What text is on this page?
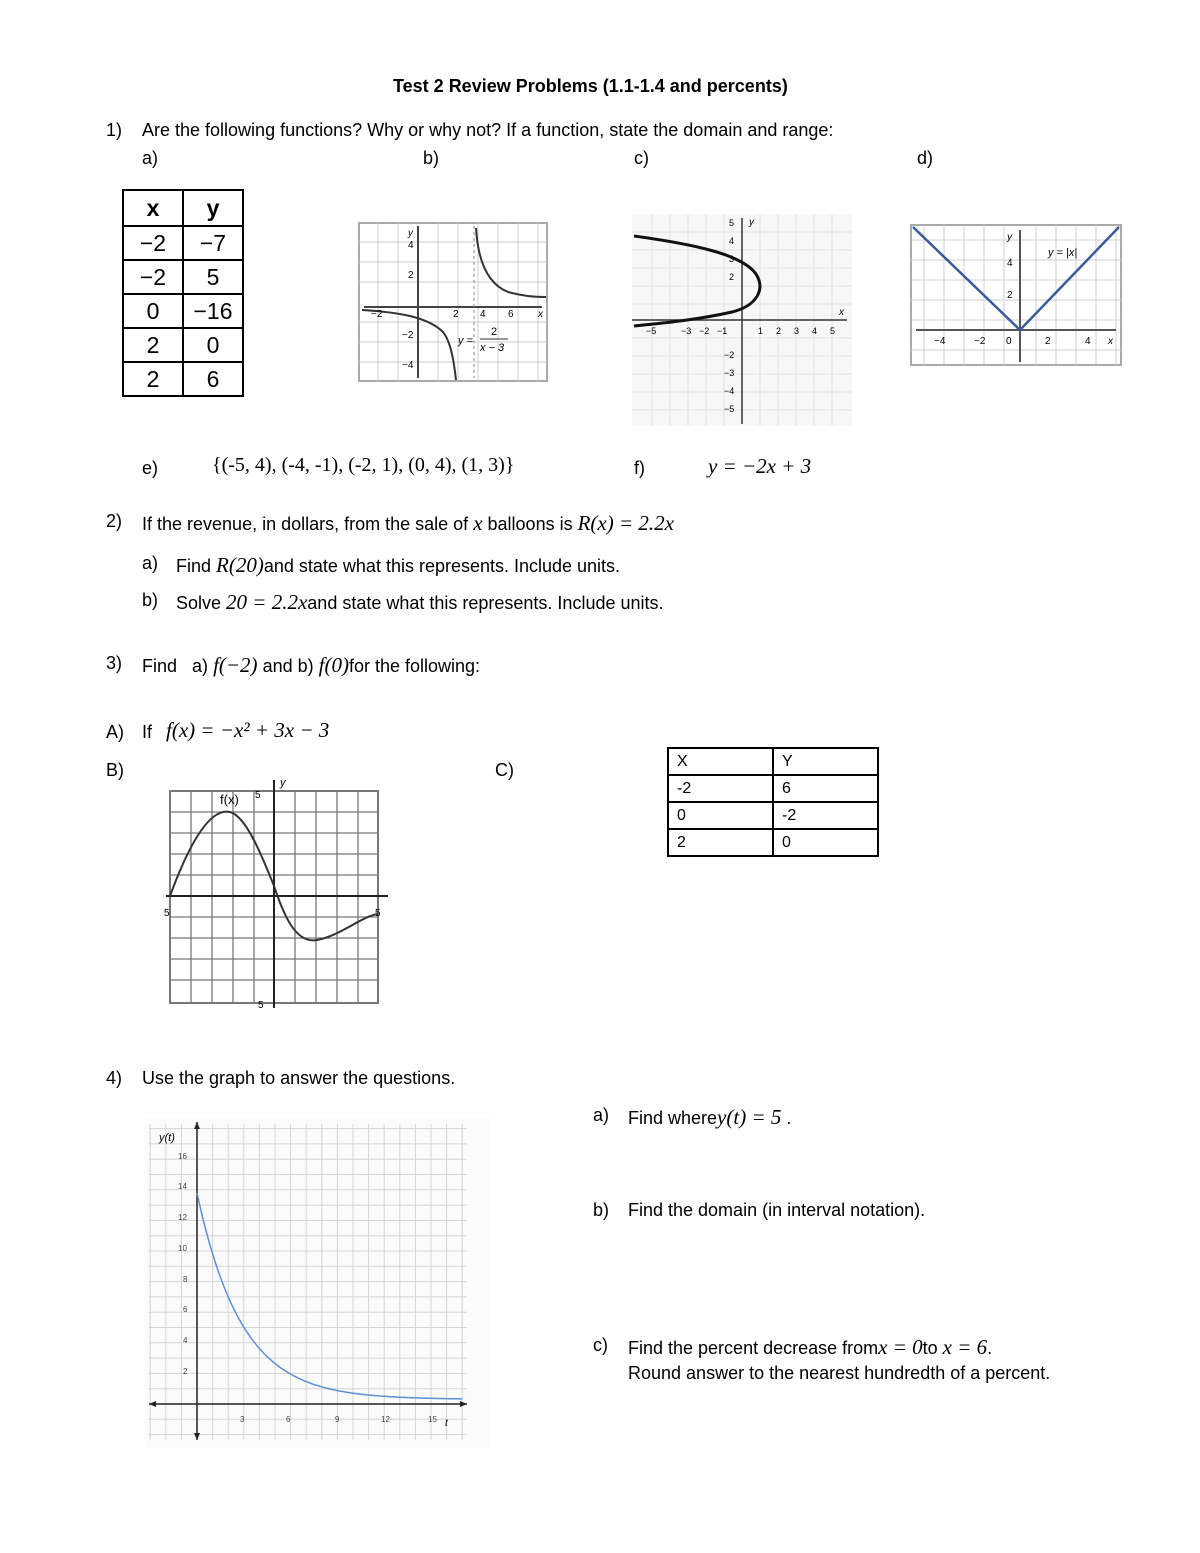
Test 2 Review Problems (1.1-1.4 and percents)
1) Are the following functions? Why or why not? If a function, state the domain and range:
a)	b)	c)	d)
x	y
−2	−7
−2	5
0	−16
2	0
2	6
y
x
−2	2 4 6
4
2
−2
−4
y =
2
x − 3
y
x
−5	−3 −2 −1	1 2 3 4 5
5
4
3
2
−2
−3
−4
−5
y
x
−4	−2 0	2	4
4
2
y = |x|
e)	{(-5, 4), (-4, -1), (-2, 1), (0, 4), (1, 3)}	f)	y = −2x + 3
2) If the revenue, in dollars, from the sale of x balloons is R(x) = 2.2x
a) Find R(20)and state what this represents. Include units.
b) Solve 20 = 2.2xand state what this represents. Include units.
3) Find a) f(−2) and b) f(0)for the following:
A) If f(x) = −x² + 3x − 3
B)	C)
f(x)
y
5
5	5
5
X	Y
-2	6
0	-2
2	0
4) Use the graph to answer the questions.
y(t)
t
16
14
12
10
8
6
4
2
3	6	9	12	15
a) Find wherey(t) = 5 .
b) Find the domain (in interval notation).
c) Find the percent decrease fromx = 0to x = 6.
Round answer to the nearest hundredth of a percent.
